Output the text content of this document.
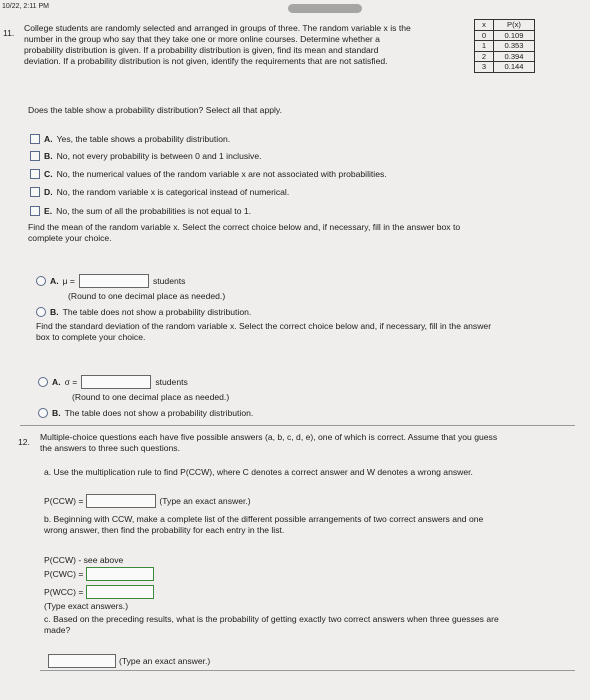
10/22, 2:11 PM
11. College students are randomly selected and arranged in groups of three. The random variable x is the
number in the group who say that they take one or more online courses. Determine whether a
probability distribution is given. If a probability distribution is given, find its mean and standard
deviation. If a probability distribution is not given, identify the requirements that are not satisfied.
x	P(x)
0	0.109
1	0.353
2	0.394
3	0.144
Does the table show a probability distribution? Select all that apply.
A. Yes, the table shows a probability distribution.
B. No, not every probability is between 0 and 1 inclusive.
C. No, the numerical values of the random variable x are not associated with probabilities.
D. No, the random variable x is categorical instead of numerical.
E. No, the sum of all the probabilities is not equal to 1.
Find the mean of the random variable x. Select the correct choice below and, if necessary, fill in the answer box to
complete your choice.
A. μ =	students
(Round to one decimal place as needed.)
B. The table does not show a probability distribution.
Find the standard deviation of the random variable x. Select the correct choice below and, if necessary, fill in the answer
box to complete your choice.
A. σ =	students
(Round to one decimal place as needed.)
B. The table does not show a probability distribution.
12. Multiple-choice questions each have five possible answers (a, b, c, d, e), one of which is correct. Assume that you guess
the answers to three such questions.
a. Use the multiplication rule to find P(CCW), where C denotes a correct answer and W denotes a wrong answer.
P(CCW) =	(Type an exact answer.)
b. Beginning with CCW, make a complete list of the different possible arrangements of two correct answers and one
wrong answer, then find the probability for each entry in the list.
P(CCW) - see above
P(CWC) =
P(WCC) =
(Type exact answers.)
c. Based on the preceding results, what is the probability of getting exactly two correct answers when three guesses are
made?
(Type an exact answer.)
